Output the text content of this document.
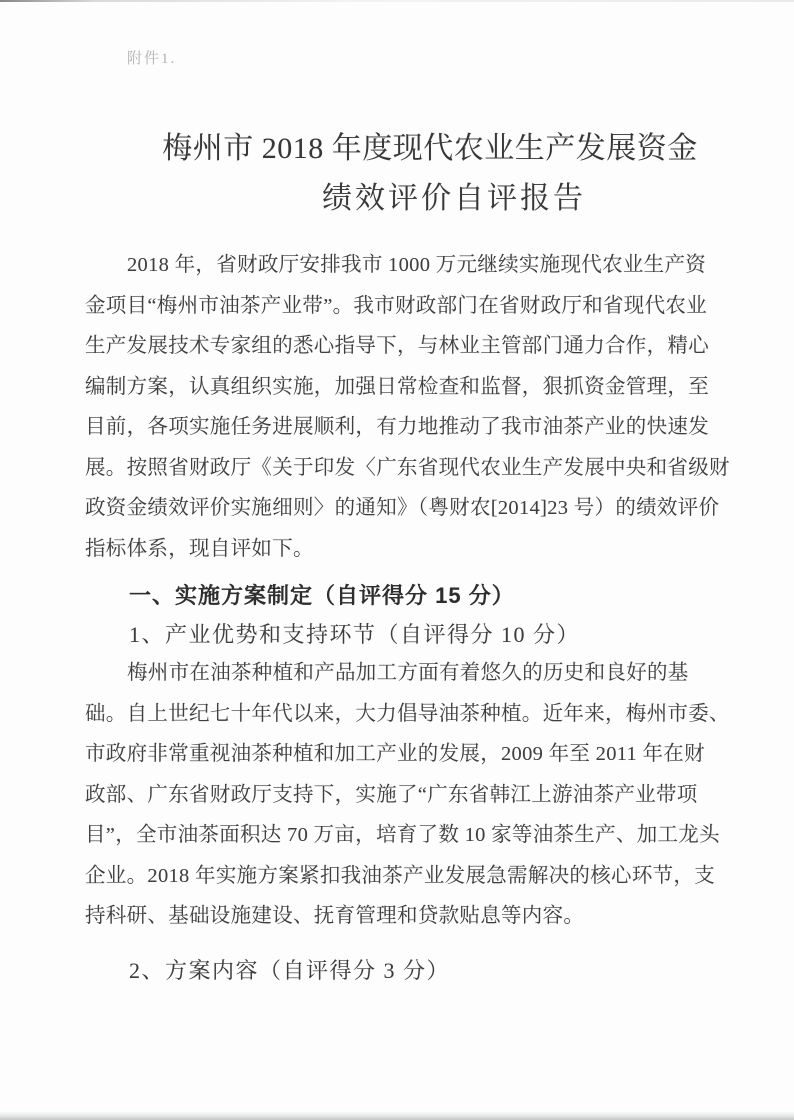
附件1.
梅州市 2018 年度现代农业生产发展资金
绩效评价自评报告
2018 年，省财政厅安排我市 1000 万元继续实施现代农业生产资
金项目“梅州市油茶产业带”。我市财政部门在省财政厅和省现代农业
生产发展技术专家组的悉心指导下，与林业主管部门通力合作，精心
编制方案，认真组织实施，加强日常检查和监督，狠抓资金管理，至
目前，各项实施任务进展顺利，有力地推动了我市油茶产业的快速发
展。按照省财政厅《关于印发〈广东省现代农业生产发展中央和省级财
政资金绩效评价实施细则〉的通知》（粤财农[2014]23 号）的绩效评价
指标体系，现自评如下。
一、实施方案制定（自评得分 15 分）
1、产业优势和支持环节（自评得分 10 分）
梅州市在油茶种植和产品加工方面有着悠久的历史和良好的基
础。自上世纪七十年代以来，大力倡导油茶种植。近年来，梅州市委、
市政府非常重视油茶种植和加工产业的发展，2009 年至 2011 年在财
政部、广东省财政厅支持下，实施了“广东省韩江上游油茶产业带项
目”，全市油茶面积达 70 万亩，培育了数 10 家等油茶生产、加工龙头
企业。2018 年实施方案紧扣我油茶产业发展急需解决的核心环节，支
持科研、基础设施建设、抚育管理和贷款贴息等内容。
2、方案内容（自评得分 3 分）
